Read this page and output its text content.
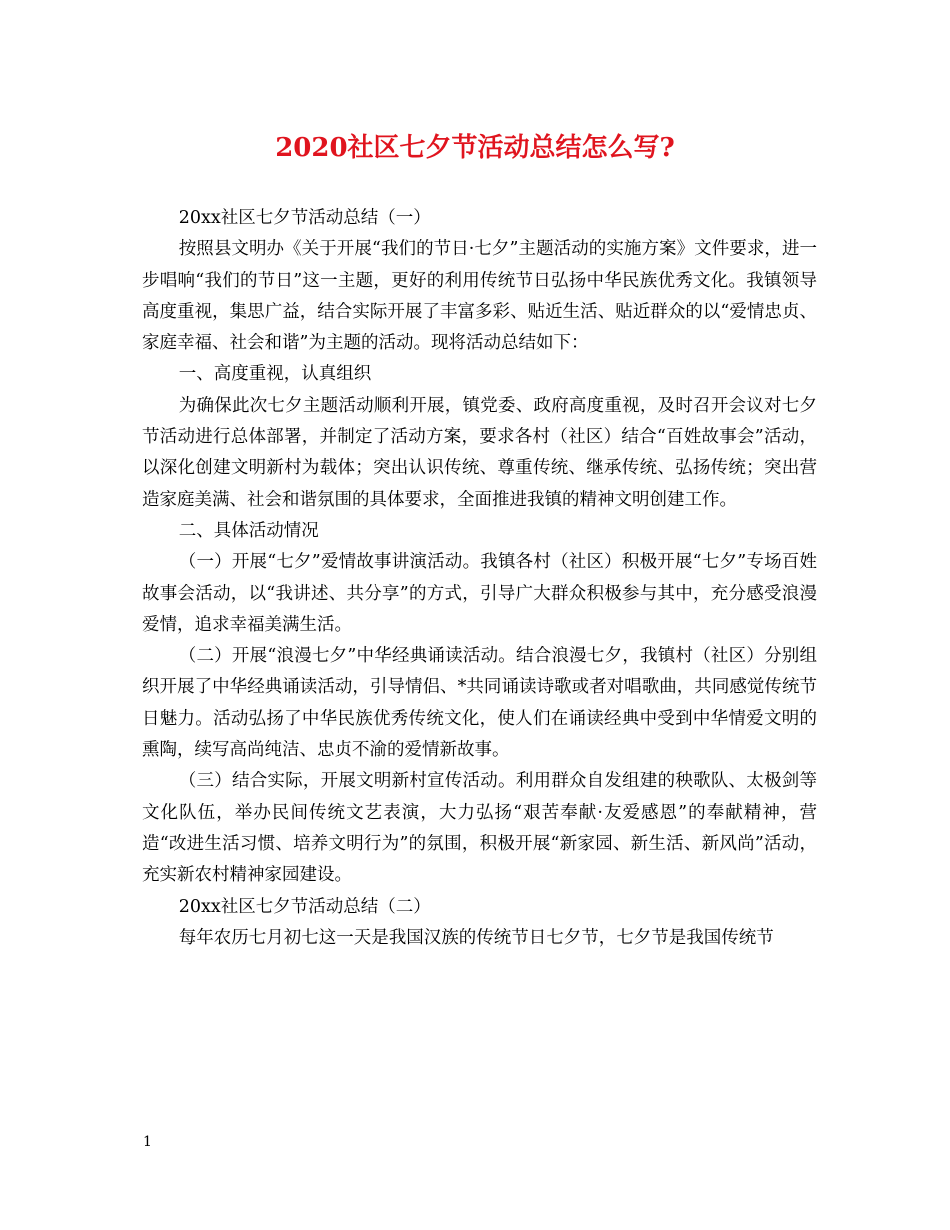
2020社区七夕节活动总结怎么写?

20xx社区七夕节活动总结（一）

按照县文明办《关于开展“我们的节日·七夕”主题活动的实施方案》文件要求，进一步唱响“我们的节日”这一主题，更好的利用传统节日弘扬中华民族优秀文化。我镇领导高度重视，集思广益，结合实际开展了丰富多彩、贴近生活、贴近群众的以“爱情忠贞、家庭幸福、社会和谐”为主题的活动。现将活动总结如下：

一、高度重视，认真组织

为确保此次七夕主题活动顺利开展，镇党委、政府高度重视，及时召开会议对七夕节活动进行总体部署，并制定了活动方案，要求各村（社区）结合“百姓故事会”活动，以深化创建文明新村为载体；突出认识传统、尊重传统、继承传统、弘扬传统；突出营造家庭美满、社会和谐氛围的具体要求，全面推进我镇的精神文明创建工作。

二、具体活动情况

（一）开展“七夕”爱情故事讲演活动。我镇各村（社区）积极开展“七夕”专场百姓故事会活动，以“我讲述、共分享”的方式，引导广大群众积极参与其中，充分感受浪漫爱情，追求幸福美满生活。

（二）开展“浪漫七夕”中华经典诵读活动。结合浪漫七夕，我镇村（社区）分别组织开展了中华经典诵读活动，引导情侣、*共同诵读诗歌或者对唱歌曲，共同感觉传统节日魅力。活动弘扬了中华民族优秀传统文化，使人们在诵读经典中受到中华情爱文明的熏陶，续写高尚纯洁、忠贞不渝的爱情新故事。

（三）结合实际，开展文明新村宣传活动。利用群众自发组建的秧歌队、太极剑等文化队伍，举办民间传统文艺表演，大力弘扬“艰苦奉献·友爱感恩”的奉献精神，营造“改进生活习惯、培养文明行为”的氛围，积极开展“新家园、新生活、新风尚”活动，充实新农村精神家园建设。

20xx社区七夕节活动总结（二）

每年农历七月初七这一天是我国汉族的传统节日七夕节，七夕节是我国传统节

1
